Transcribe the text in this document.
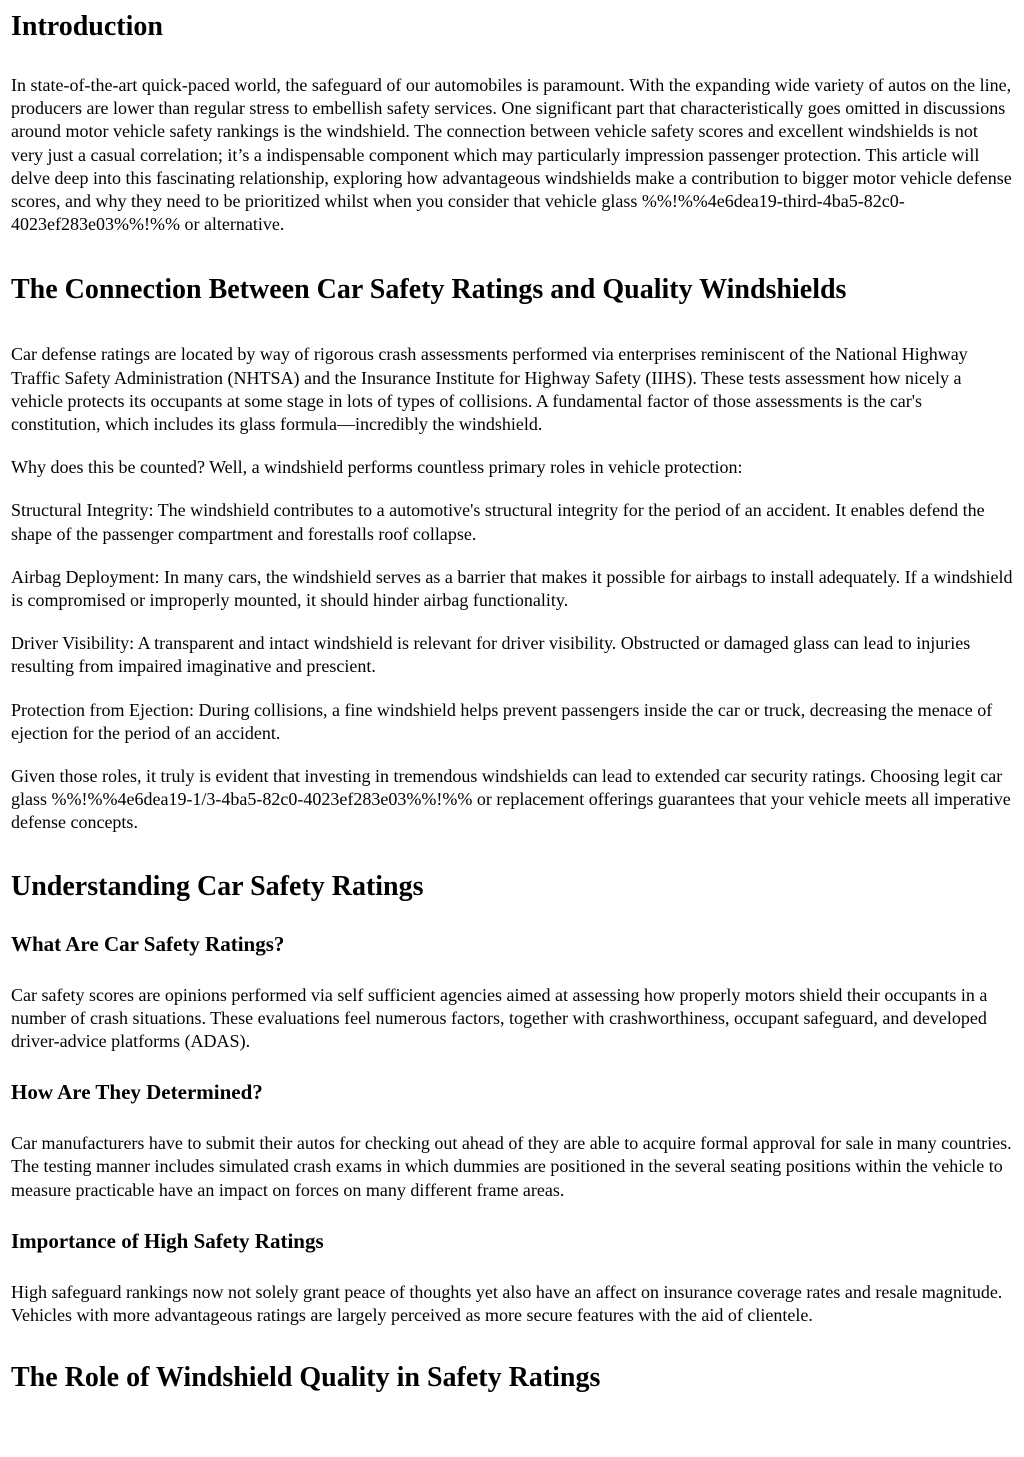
Introduction

In state-of-the-art quick-paced world, the safeguard of our automobiles is paramount. With the expanding wide variety of autos on the line, producers are lower than regular stress to embellish safety services. One significant part that characteristically goes omitted in discussions around motor vehicle safety rankings is the windshield. The connection between vehicle safety scores and excellent windshields is not very just a casual correlation; it’s a indispensable component which may particularly impression passenger protection. This article will delve deep into this fascinating relationship, exploring how advantageous windshields make a contribution to bigger motor vehicle defense scores, and why they need to be prioritized whilst when you consider that vehicle glass %%!%%4e6dea19-third-4ba5-82c0-4023ef283e03%%!%% or alternative.

The Connection Between Car Safety Ratings and Quality Windshields

Car defense ratings are located by way of rigorous crash assessments performed via enterprises reminiscent of the National Highway Traffic Safety Administration (NHTSA) and the Insurance Institute for Highway Safety (IIHS). These tests assessment how nicely a vehicle protects its occupants at some stage in lots of types of collisions. A fundamental factor of those assessments is the car's constitution, which includes its glass formula—incredibly the windshield.

Why does this be counted? Well, a windshield performs countless primary roles in vehicle protection:

Structural Integrity: The windshield contributes to a automotive's structural integrity for the period of an accident. It enables defend the shape of the passenger compartment and forestalls roof collapse.

Airbag Deployment: In many cars, the windshield serves as a barrier that makes it possible for airbags to install adequately. If a windshield is compromised or improperly mounted, it should hinder airbag functionality.

Driver Visibility: A transparent and intact windshield is relevant for driver visibility. Obstructed or damaged glass can lead to injuries resulting from impaired imaginative and prescient.

Protection from Ejection: During collisions, a fine windshield helps prevent passengers inside the car or truck, decreasing the menace of ejection for the period of an accident.

Given those roles, it truly is evident that investing in tremendous windshields can lead to extended car security ratings. Choosing legit car glass %%!%%4e6dea19-1/3-4ba5-82c0-4023ef283e03%%!%% or replacement offerings guarantees that your vehicle meets all imperative defense concepts.

Understanding Car Safety Ratings
What Are Car Safety Ratings?

Car safety scores are opinions performed via self sufficient agencies aimed at assessing how properly motors shield their occupants in a number of crash situations. These evaluations feel numerous factors, together with crashworthiness, occupant safeguard, and developed driver-advice platforms (ADAS).

How Are They Determined?

Car manufacturers have to submit their autos for checking out ahead of they are able to acquire formal approval for sale in many countries. The testing manner includes simulated crash exams in which dummies are positioned in the several seating positions within the vehicle to measure practicable have an impact on forces on many different frame areas.

Importance of High Safety Ratings

High safeguard rankings now not solely grant peace of thoughts yet also have an affect on insurance coverage rates and resale magnitude. Vehicles with more advantageous ratings are largely perceived as more secure features with the aid of clientele.

The Role of Windshield Quality in Safety Ratings
